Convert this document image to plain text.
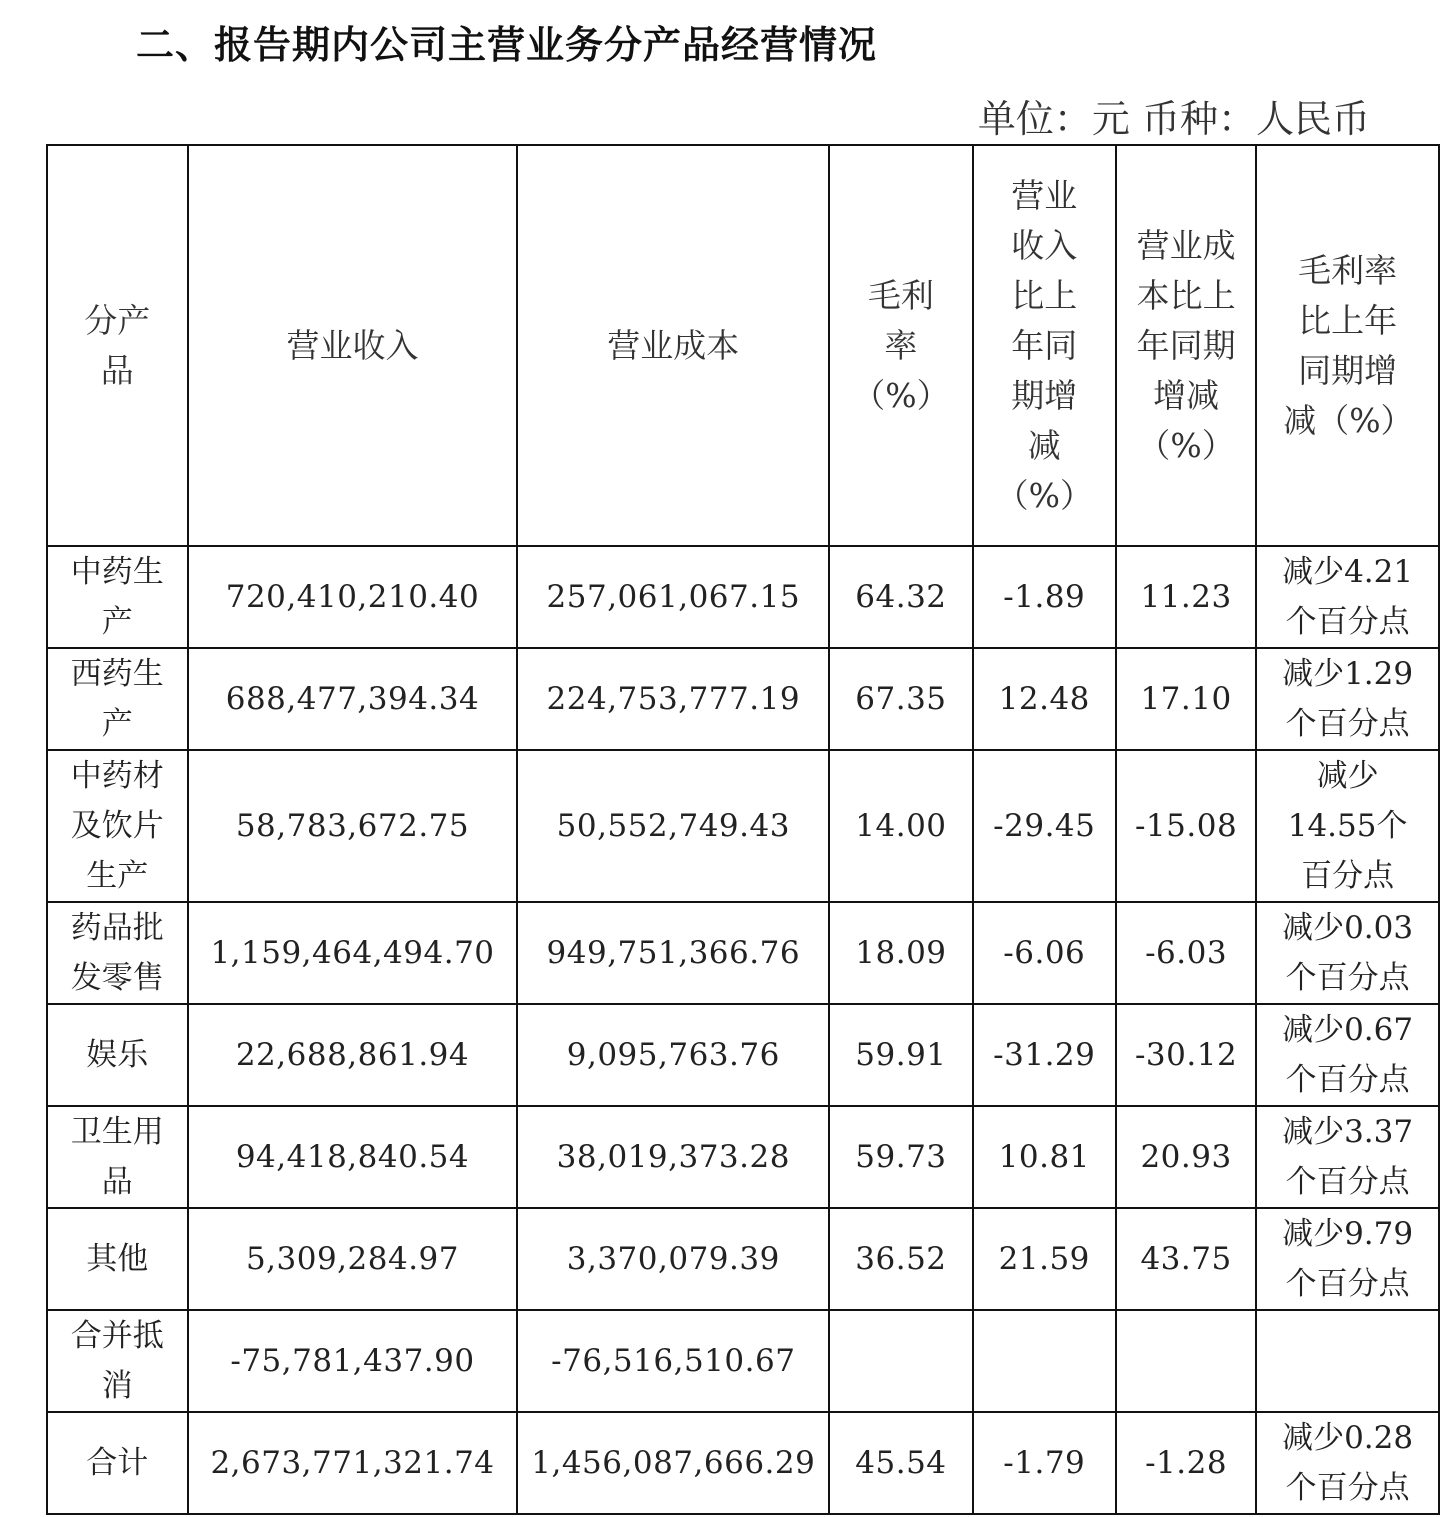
二、报告期内公司主营业务分产品经营情况
单位：元 币种：人民币
分产品	营业收入	营业成本	毛利率（%）	营业收入比上年同期增减（%）	营业成本比上年同期增减（%）	毛利率比上年同期增减（%）
中药生产	720,410,210.40	257,061,067.15	64.32	-1.89	11.23	减少4.21个百分点
西药生产	688,477,394.34	224,753,777.19	67.35	12.48	17.10	减少1.29个百分点
中药材及饮片生产	58,783,672.75	50,552,749.43	14.00	-29.45	-15.08	减少14.55个百分点
药品批发零售	1,159,464,494.70	949,751,366.76	18.09	-6.06	-6.03	减少0.03个百分点
娱乐	22,688,861.94	9,095,763.76	59.91	-31.29	-30.12	减少0.67个百分点
卫生用品	94,418,840.54	38,019,373.28	59.73	10.81	20.93	减少3.37个百分点
其他	5,309,284.97	3,370,079.39	36.52	21.59	43.75	减少9.79个百分点
合并抵消	-75,781,437.90	-76,516,510.67				
合计	2,673,771,321.74	1,456,087,666.29	45.54	-1.79	-1.28	减少0.28个百分点
